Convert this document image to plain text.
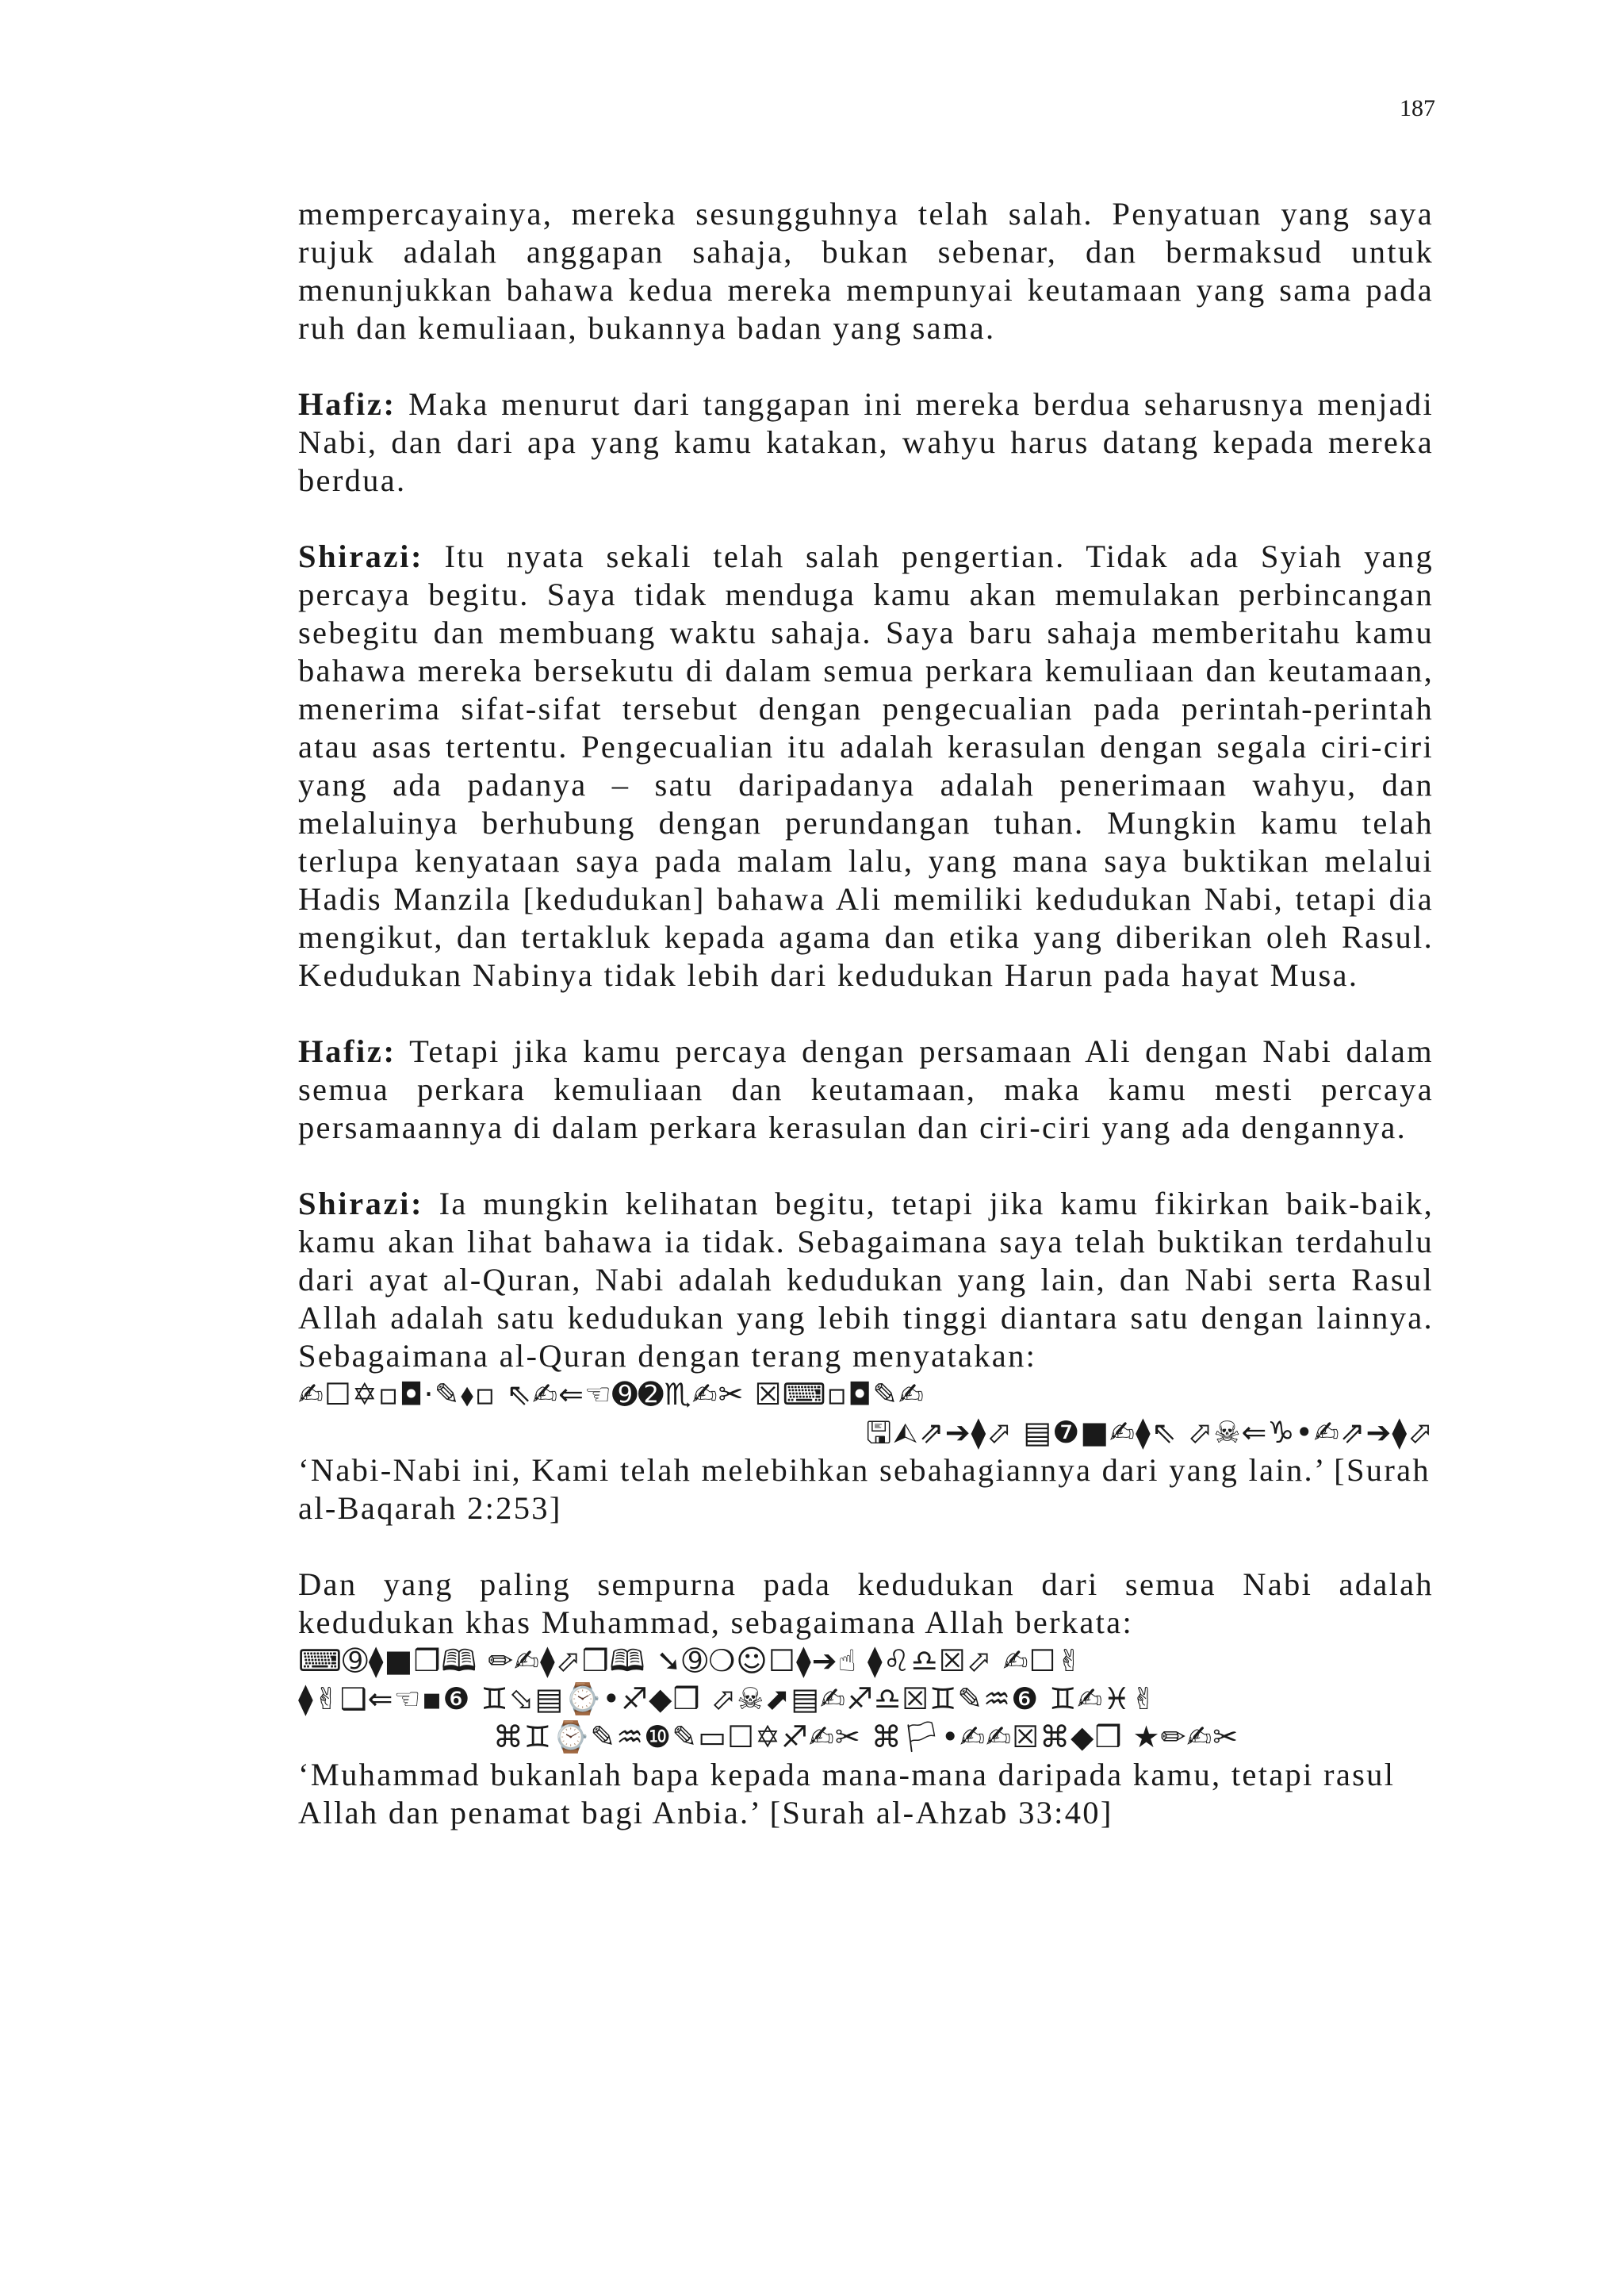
187

mempercayainya, mereka sesungguhnya telah salah. Penyatuan yang saya rujuk adalah anggapan sahaja, bukan sebenar, dan bermaksud untuk menunjukkan bahawa kedua mereka mempunyai keutamaan yang sama pada ruh dan kemuliaan, bukannya badan yang sama.

Hafiz: Maka menurut dari tanggapan ini mereka berdua seharusnya menjadi Nabi, dan dari apa yang kamu katakan, wahyu harus datang kepada mereka berdua.

Shirazi: Itu nyata sekali telah salah pengertian. Tidak ada Syiah yang percaya begitu. Saya tidak menduga kamu akan memulakan perbincangan sebegitu dan membuang waktu sahaja. Saya baru sahaja memberitahu kamu bahawa mereka bersekutu di dalam semua perkara kemuliaan dan keutamaan, menerima sifat-sifat tersebut dengan pengecualian pada perintah-perintah atau asas tertentu. Pengecualian itu adalah kerasulan dengan segala ciri-ciri yang ada padanya – satu daripadanya adalah penerimaan wahyu, dan melaluinya berhubung dengan perundangan tuhan. Mungkin kamu telah terlupa kenyataan saya pada malam lalu, yang mana saya buktikan melalui Hadis Manzila [kedudukan] bahawa Ali memiliki kedudukan Nabi, tetapi dia mengikut, dan tertakluk kepada agama dan etika yang diberikan oleh Rasul. Kedudukan Nabinya tidak lebih dari kedudukan Harun pada hayat Musa.

Hafiz: Tetapi jika kamu percaya dengan persamaan Ali dengan Nabi dalam semua perkara kemuliaan dan keutamaan, maka kamu mesti percaya persamaannya di dalam perkara kerasulan dan ciri-ciri yang ada dengannya.

Shirazi: Ia mungkin kelihatan begitu, tetapi jika kamu fikirkan baik-baik, kamu akan lihat bahawa ia tidak. Sebagaimana saya telah buktikan terdahulu dari ayat al-Quran, Nabi adalah kedudukan yang lain, dan Nabi serta Rasul Allah adalah satu kedudukan yang lebih tinggi diantara satu dengan lainnya. Sebagaimana al-Quran dengan terang menyatakan:

✍☐✡▫◘·✎⬧▫ ⇖✍⇐☜➒➋♏✍✂ ☒⌨▫◘✎✍

🖫⮙⇗➔⧫⬀ ▤❼■✍⧫⇖ ⬀☠⇐♑•✍⇗➔⧫⬀

‘Nabi-Nabi ini, Kami telah melebihkan sebahagiannya dari yang lain.’ [Surah al-Baqarah 2:253]

Dan yang paling sempurna pada kedudukan dari semua Nabi adalah kedudukan khas Muhammad, sebagaimana Allah berkata:

⌨➈⧫■❒🕮 ✏✍⧫⬀❒🕮 ➘➈❍☺☐⧫➔☝ ⧫♌♎☒⬀ ✍☐✌

⧫✌❑⇐☜▪❻ ♊⬂▤⌚•♐◆❒ ⬀☠⬈▤✍♐♎☒♊✎♒❻ ♊✍♓✌

⌘♊⌚✎♒❿✎▭☐✡♐✍✂ ⌘🏳•✍✍☒⌘◆❒ ★✏✍✂

‘Muhammad bukanlah bapa kepada mana-mana daripada kamu, tetapi rasul Allah dan penamat bagi Anbia.’ [Surah al-Ahzab 33:40]
